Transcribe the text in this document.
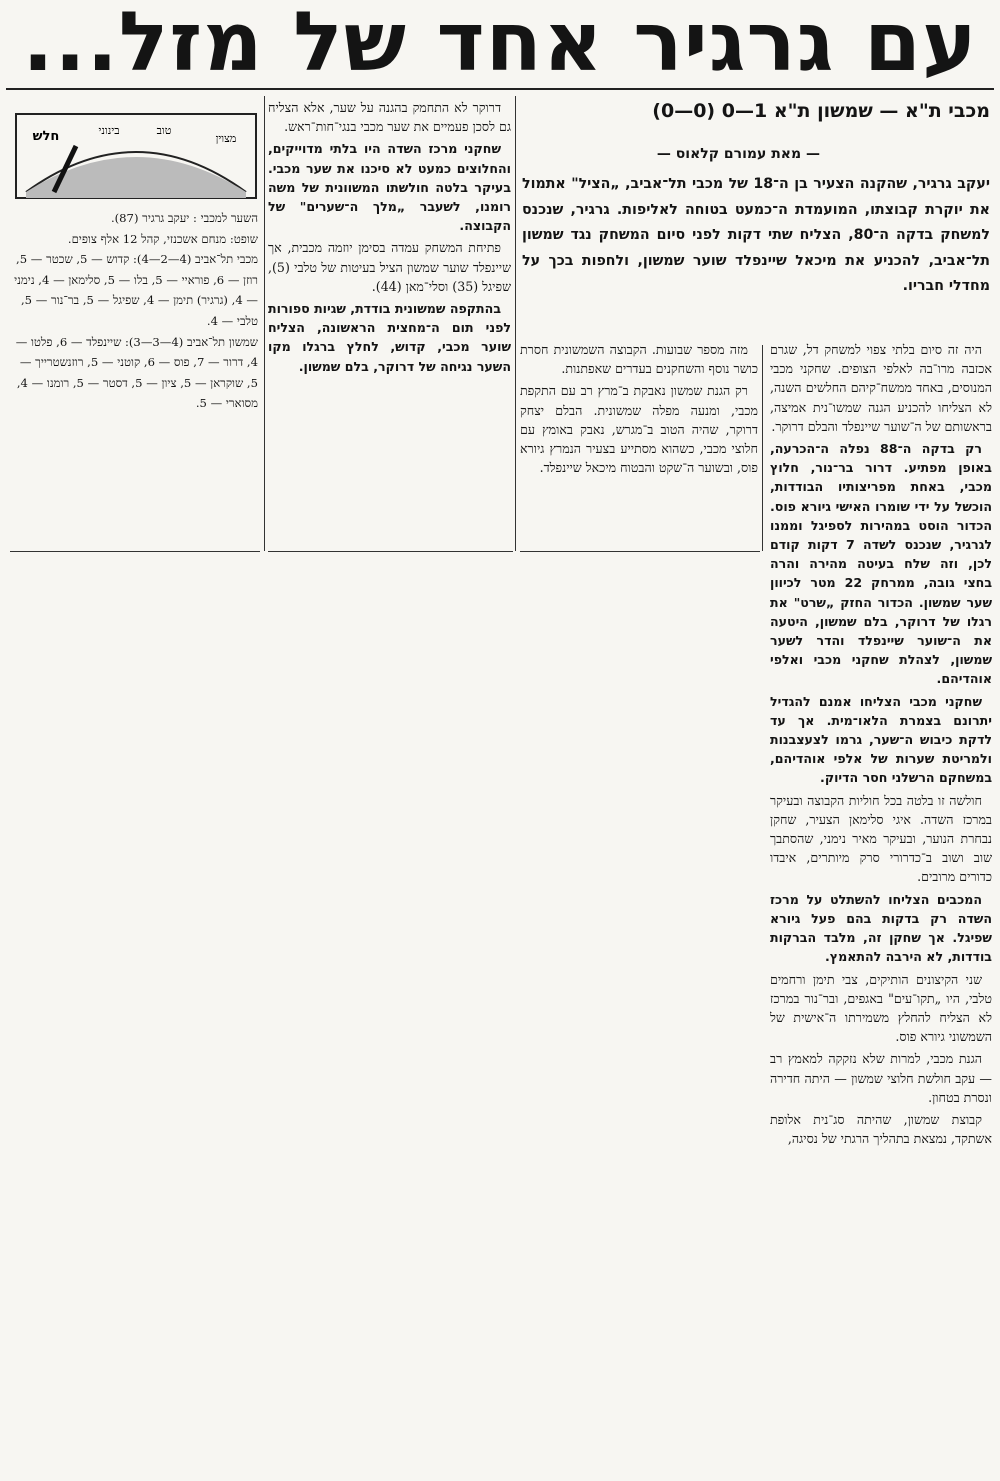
עם גרגיר אחד של מזל...
מכבי ת"א — שמשון ת"א 1—0 (0—0)
— מאת עמורם קלאוס —
יעקב גרגיר, שהקנה הצעיר בן ה־18 של מכבי תל־אביב, „הציל" אתמול את יוקרת קבוצתו, המועמדת ה־כמעט בטוחה לאליפות. גרגיר, שנכנס למשחק בדקה ה־80, הצליח שתי דקות לפני סיום המשחק נגד שמשון תל־אביב, להכניע את מיכאל שיינפלד שוער שמשון, ולחפות בכך על מחדלי חבריו.

היה זה סיום בלתי צפוי למשחק דל, שגרם אכזבה מרו־בה לאלפי הצופים. שחקני מכבי המנוסים, באחד ממשח־קיהם החלשים השנה, לא הצליחו להכניע הגנה שמשו־נית אמיצה, בראשותם של ה־שוער שיינפלד והבלם דרוקר.

רק בדקה ה־88 נפלה ה־הכרעה, באופן מפתיע. דרור בר־נור, חלוץ מכבי, באחת מפריצותיו הבודדות, הוכשל על ידי שומרו האישי גיורא פוס. הכדור הוסט במהירות לספיגל וממנו לגרגיר, שנכנס לשדה 7 דקות קודם לכן, וזה שלח בעיטה מהירה והרה בחצי גובה, ממרחק 22 מטר לכיוון שער שמשון. הכדור החזק „שרט" את רגלו של דרוקר, בלם שמשון, היטעה את ה־שוער שיינפלד והדר לשער שמשון, לצהלת שחקני מכבי ואלפי אוהדיהם.

שחקני מכבי הצליחו אמנם להגדיל יתרונם בצמרת הלאו־מית. אך עד לדקת כיבוש ה־שער, גרמו לצעצבנות ולמריטת שערות של אלפי אוהדיהם, במשחקם הרשלני חסר הדיוק.

חולשה זו בלטה בכל חוליות הקבוצה ובעיקר במרכז השדה. איגי סלימאן הצעיר, שחקן נבחרת הנוער, ובעיקר מאיר נימני, שהסתבך שוב ושוב ב־כדרורי סרק מיותרים, איבדו כדורים מרובים.

המכבים הצליחו להשתלט על מרכז השדה רק בדקות בהם פעל גיורא שפיגל. אך שחקן זה, מלבד הברקות בודדות, לא הירבה להתאמץ.

שני הקיצונים הותיקים, צבי תימן ורחמים טלבי, היו „תקו־עים" באגפים, ובר־נור במרכז לא הצליח להחלץ משמירתו ה־אישית של השמשוני גיורא פוס.

הגנת מכבי, למרות שלא נזקקה למאמץ רב — עקב חולשת חלוצי שמשון — היתה חדירה ונסרת בטחון.

קבוצת שמשון, שהיתה סג־נית אלופת אשתקד, נמצאת בתהליך הרגתי של נסיגה,

מזה מספר שבועות. הקבוצה השמשונית חסרת כושר נוסף והשחקנים בעדרים שאפתנות.

רק הגנת שמשון נאבקת ב־מרץ רב עם התקפת מכבי, ומנעה מפלה שמשונית. הבלם יצחק דרוקר, שהיה הטוב ב־מגרש, נאבק באומץ עם חלוצי מכבי, כשהוא מסתייע בצעיר הנמרץ גיורא פוס, ובשוער ה־שקט והבטוח מיכאל שיינפלד.

דרוקר לא התחמק בהגנה על שער, אלא הצליח גם לסכן פעמיים את שער מכבי בנגי־חות־ראש.

שחקני מרכז השדה היו בלתי מדוייקים, והחלוצים כמעט לא סיכנו את שער מכבי. בעיקר בלטה חולשתו המשוונית של משה רומנו, לשעבר „מלך ה־שערים" של הקבוצה.

פתיחת המשחק עמדה בסימן יוזמה מכבית, אך שיינפלד שוער שמשון הציל בעיטות של טלבי (5), שפיגל (35) וסלי־מאן (44).

בהתקפה שמשונית בודדת, שגיות ספורות לפני תום ה־מחצית הראשונה, הצליח שוער מכבי, קדוש, לחלץ ברגלו מקו השער נגיחה של דרוקר, בלם שמשון.

חלש	בינוני	טוב
מצוין

השער למכבי : יעקב גרגיר (87).

שופט: מנחם אשכנזי, קהל 12 אלף צופים.

מכבי תל־אביב (4—2—4): קדוש — 5, שכטר — 5, רוזן — 6, פוראיי — 5, בלו — 5, סלימאן — 4, נימני — 4, (גרגיר) תימן — 4, שפיגל — 5, בר־נור — 5, טלבי — 4.

שמשון תל־אביב (4—3—3): שיינפלד — 6, פלטו — 4, דרור — 7, פוס — 6, קוטני — 5, רוזנשטרייך — 5, שוקראן — 5, ציון — 5, דסטר — 5, רומנו — 4, מסוארי — 5.
